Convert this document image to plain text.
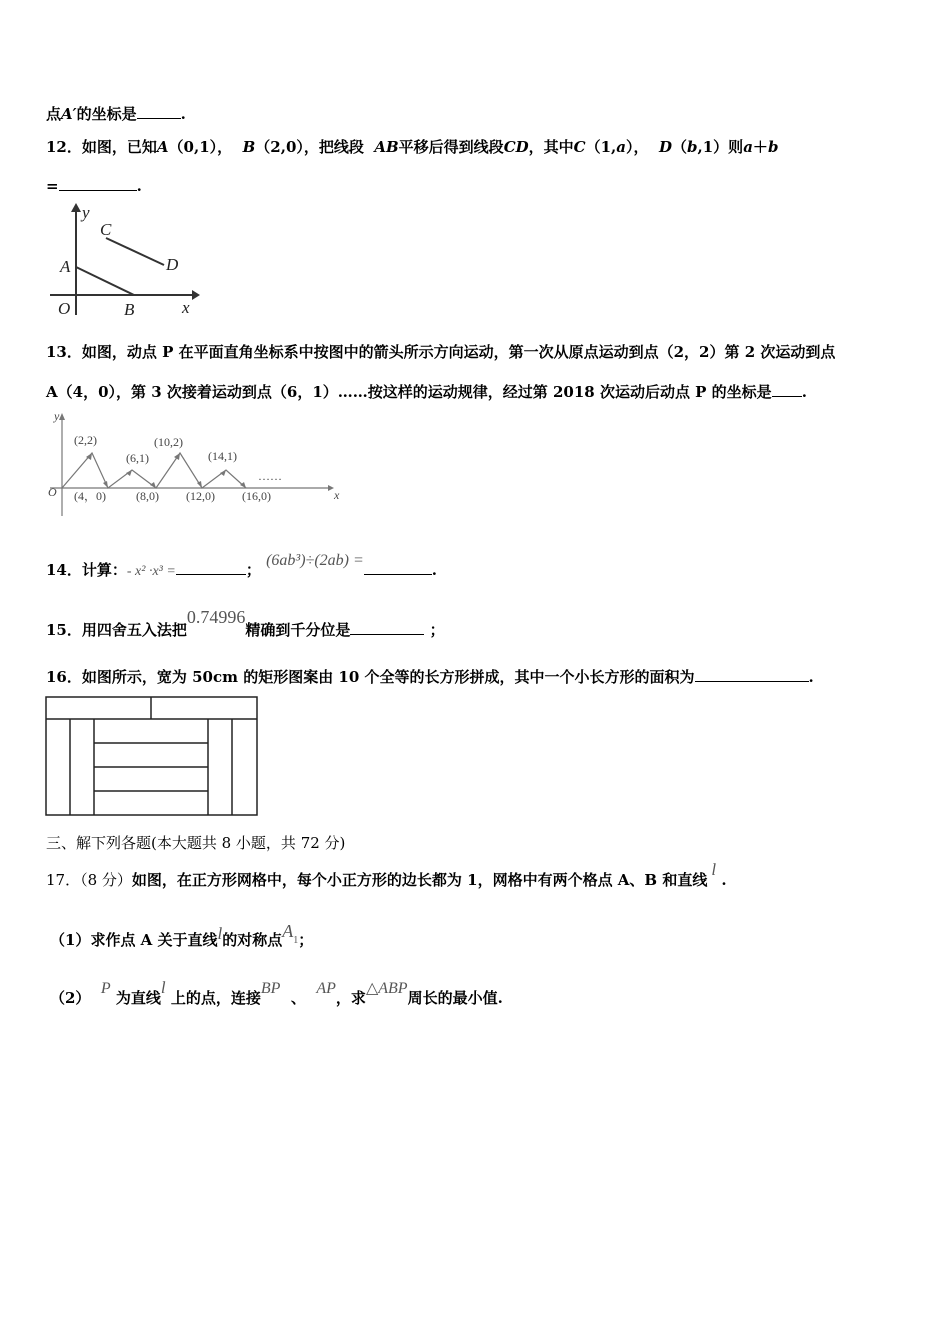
点A′的坐标是	.
12．如图，已知A（0,1）， B（2,0），把线段 AB平移后得到线段CD，其中C（1,a）， D（b,1）则a＋b
=	.
y
x
O
A
B
C
D
13．如图，动点 P 在平面直角坐标系中按图中的箭头所示方向运动，第一次从原点运动到点（2，2）第 2 次运动到点
A（4，0），第 3 次接着运动到点（6，1）……按这样的运动规律，经过第 2018 次运动后动点 P 的坐标是 .
y
x
O
(2,2)
(6,1)
(10,2)
(14,1)
(4，0)	(8,0) (12,0) (16,0)
……
14．计算：- x² ·x³ =	； (6ab³)÷(2ab) =.
15．用四舍五入法把0.74996精确到千分位是	；
16．如图所示，宽为 50cm 的矩形图案由 10 个全等的长方形拼成，其中一个小长方形的面积为	.
三、解下列各题(本大题共 8 小题，共 72 分)
17．（8 分）如图，在正方形网格中，每个小正方形的边长都为 1，网格中有两个格点 A、B 和直线l .
（1）求作点 A 关于直线l的对称点$A_1$；
（2）  P 为直线l 上的点，连接BP  、  AP，求△ABP周长的最小值.
